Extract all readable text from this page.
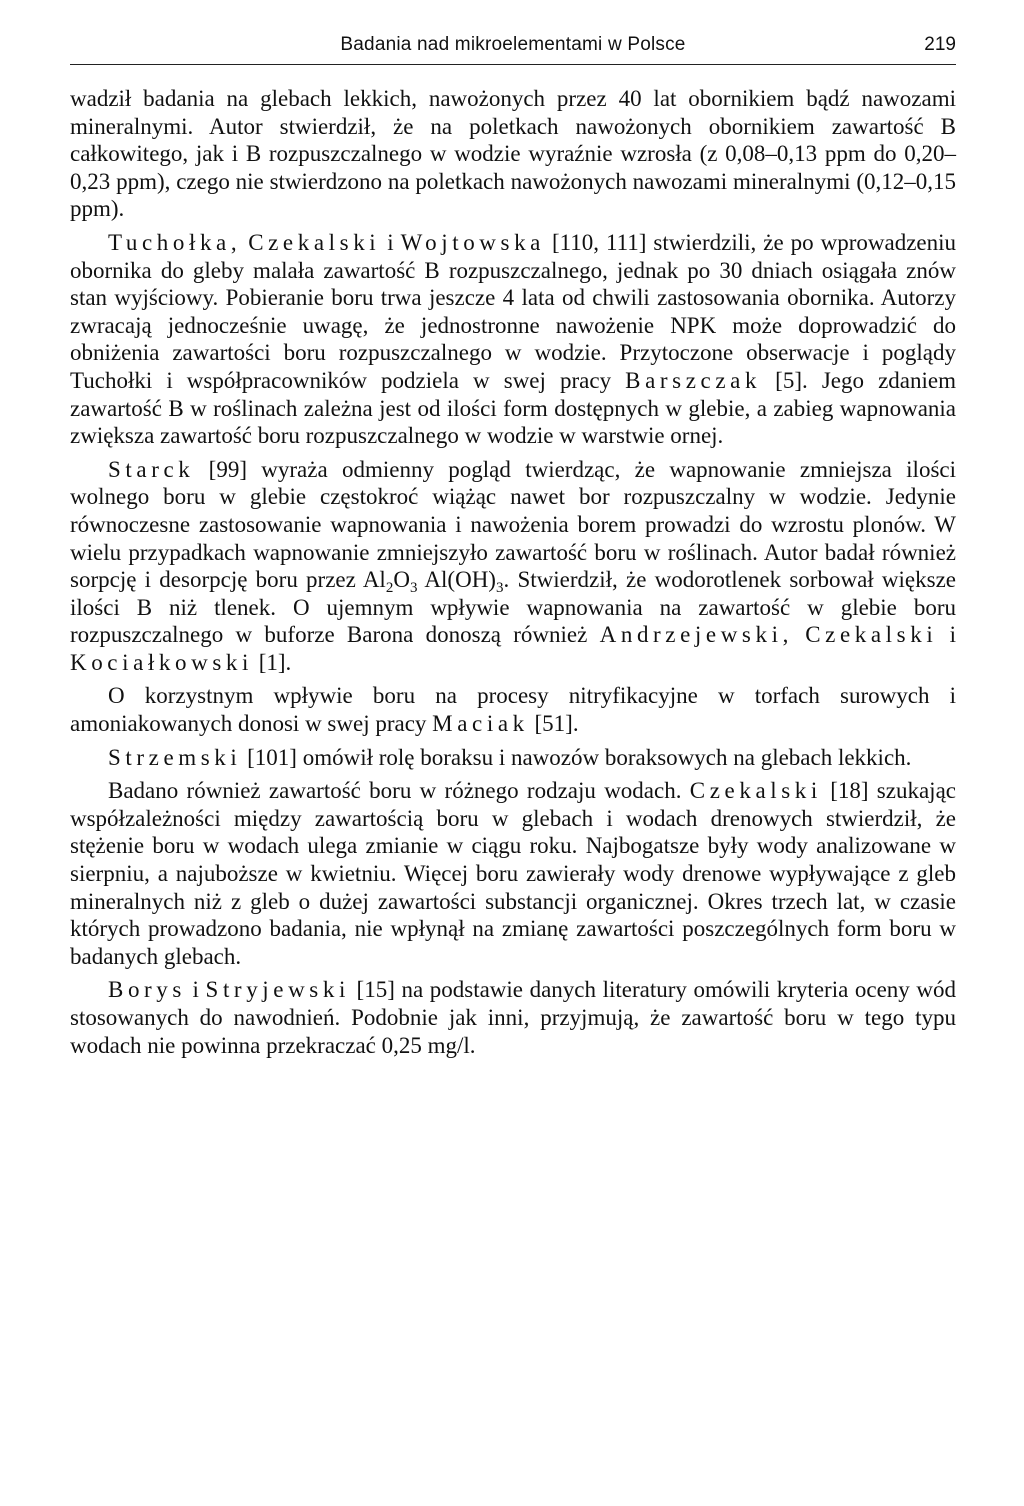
Badania nad mikroelementami w Polsce	219

wadził badania na glebach lekkich, nawożonych przez 40 lat obornikiem bądź nawozami mineralnymi. Autor stwierdził, że na poletkach nawożonych obornikiem zawartość B całkowitego, jak i B rozpuszczalnego w wodzie wyraźnie wzrosła (z 0,08–0,13 ppm do 0,20–0,23 ppm), czego nie stwierdzono na poletkach nawożonych nawozami mineralnymi (0,12–0,15 ppm).

Tuchołka, Czekalski i Wojtowska [110, 111] stwierdzili, że po wprowadzeniu obornika do gleby malała zawartość B rozpuszczalnego, jednak po 30 dniach osiągała znów stan wyjściowy. Pobieranie boru trwa jeszcze 4 lata od chwili zastosowania obornika. Autorzy zwracają jednocześnie uwagę, że jednostronne nawożenie NPK może doprowadzić do obniżenia zawartości boru rozpuszczalnego w wodzie. Przytoczone obserwacje i poglądy Tuchołki i współpracowników podziela w swej pracy Barszczak [5]. Jego zdaniem zawartość B w roślinach zależna jest od ilości form dostępnych w glebie, a zabieg wapnowania zwiększa zawartość boru rozpuszczalnego w wodzie w warstwie ornej.

Starck [99] wyraża odmienny pogląd twierdząc, że wapnowanie zmniejsza ilości wolnego boru w glebie częstokroć wiążąc nawet bor rozpuszczalny w wodzie. Jedynie równoczesne zastosowanie wapnowania i nawożenia borem prowadzi do wzrostu plonów. W wielu przypadkach wapnowanie zmniejszyło zawartość boru w roślinach. Autor badał również sorpcję i desorpcję boru przez $Al_2O_3$ $Al(OH)_3$. Stwierdził, że wodorotlenek sorbował większe ilości B niż tlenek. O ujemnym wpływie wapnowania na zawartość w glebie boru rozpuszczalnego w buforze Barona donoszą również Andrzejewski, Czekalski i Kociałkowski [1].

O korzystnym wpływie boru na procesy nitryfikacyjne w torfach surowych i amoniakowanych donosi w swej pracy Maciak [51].

Strzemski [101] omówił rolę boraksu i nawozów boraksowych na glebach lekkich.

Badano również zawartość boru w różnego rodzaju wodach. Czekalski [18] szukając współzależności między zawartością boru w glebach i wodach drenowych stwierdził, że stężenie boru w wodach ulega zmianie w ciągu roku. Najbogatsze były wody analizowane w sierpniu, a najuboższe w kwietniu. Więcej boru zawierały wody drenowe wypływające z gleb mineralnych niż z gleb o dużej zawartości substancji organicznej. Okres trzech lat, w czasie których prowadzono badania, nie wpłynął na zmianę zawartości poszczególnych form boru w badanych glebach.

Borys i Stryjewski [15] na podstawie danych literatury omówili kryteria oceny wód stosowanych do nawodnień. Podobnie jak inni, przyjmują, że zawartość boru w tego typu wodach nie powinna przekraczać 0,25 mg/l.
